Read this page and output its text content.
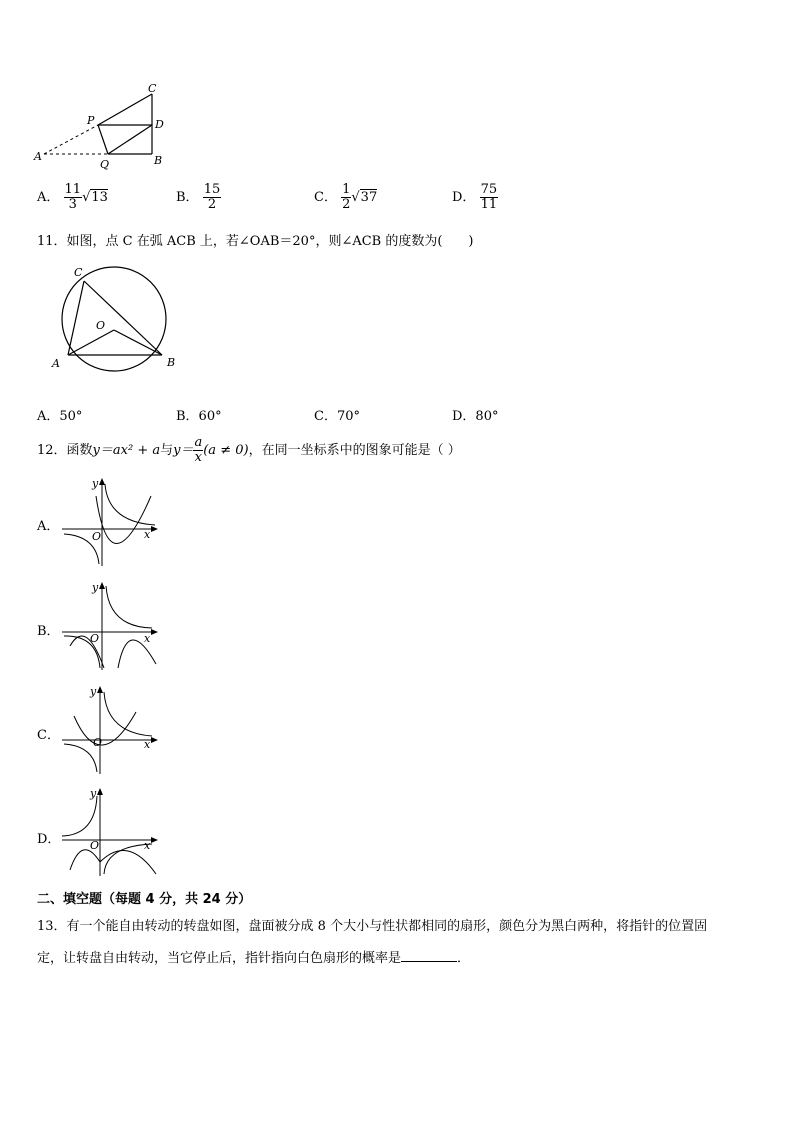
A
P
C
D
Q	B
A． $\frac{11}{3} √13$	B． $\frac{15}{2}$	C． $\frac{1}{2} √37$	D． $\frac{75}{11}$
11．如图，点 C 在弧 ACB 上，若∠OAB＝20°，则∠ACB 的度数为(　　)
C
O
A	B
A．50°	B．60°	C．70°	D．80°
12．函数y＝ax² + a与$y= \frac{a}{x} (a \ne 0)$，在同一坐标系中的图象可能是（ ）
A．
y
x
O
B．
y
x
O
C．
y
x
O
D．
y
x
O
二、填空题（每题 4 分，共 24 分）
13．有一个能自由转动的转盘如图，盘面被分成 8 个大小与性状都相同的扇形，颜色分为黑白两种，将指针的位置固
定，让转盘自由转动，当它停止后，指针指向白色扇形的概率是	．
